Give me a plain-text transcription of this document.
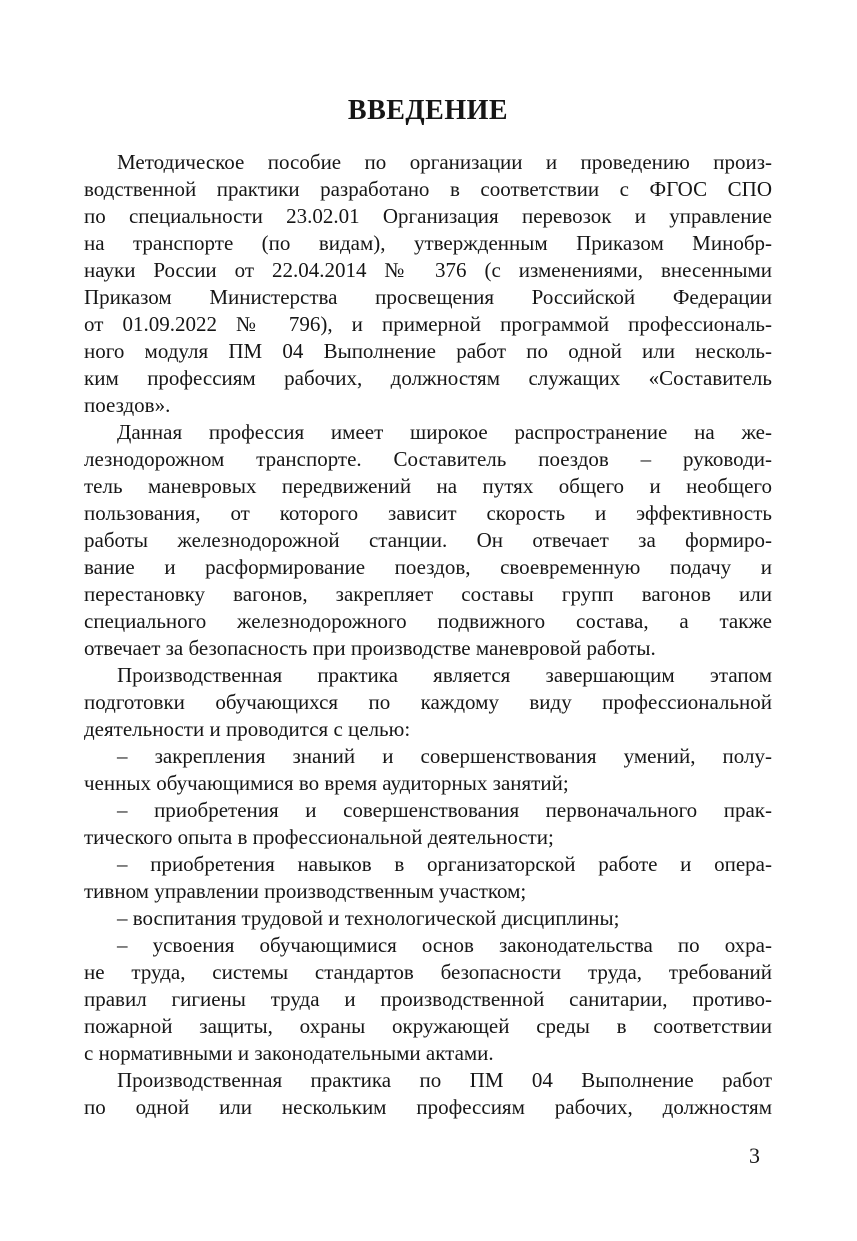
ВВЕДЕНИЕ
Методическое пособие по организации и проведению произ-
водственной практики разработано в соответствии с ФГОС СПО
по специальности 23.02.01 Организация перевозок и управление
на транспорте (по видам), утвержденным Приказом Минобр-
науки России от 22.04.2014 № 376 (с изменениями, внесенными
Приказом Министерства просвещения Российской Федерации
от 01.09.2022 № 796), и примерной программой профессиональ-
ного модуля ПМ 04 Выполнение работ по одной или несколь-
ким профессиям рабочих, должностям служащих «Составитель
поездов».
Данная профессия имеет широкое распространение на же-
лезнодорожном транспорте. Составитель поездов – руководи-
тель маневровых передвижений на путях общего и необщего
пользования, от которого зависит скорость и эффективность
работы железнодорожной станции. Он отвечает за формиро-
вание и расформирование поездов, своевременную подачу и
перестановку вагонов, закрепляет составы групп вагонов или
специального железнодорожного подвижного состава, а также
отвечает за безопасность при производстве маневровой работы.
Производственная практика является завершающим этапом
подготовки обучающихся по каждому виду профессиональной
деятельности и проводится с целью:
– закрепления знаний и совершенствования умений, полу-
ченных обучающимися во время аудиторных занятий;
– приобретения и совершенствования первоначального прак-
тического опыта в профессиональной деятельности;
– приобретения навыков в организаторской работе и опера-
тивном управлении производственным участком;
– воспитания трудовой и технологической дисциплины;
– усвоения обучающимися основ законодательства по охра-
не труда, системы стандартов безопасности труда, требований
правил гигиены труда и производственной санитарии, противо-
пожарной защиты, охраны окружающей среды в соответствии
с нормативными и законодательными актами.
Производственная практика по ПМ 04 Выполнение работ
по одной или нескольким профессиям рабочих, должностям
3
